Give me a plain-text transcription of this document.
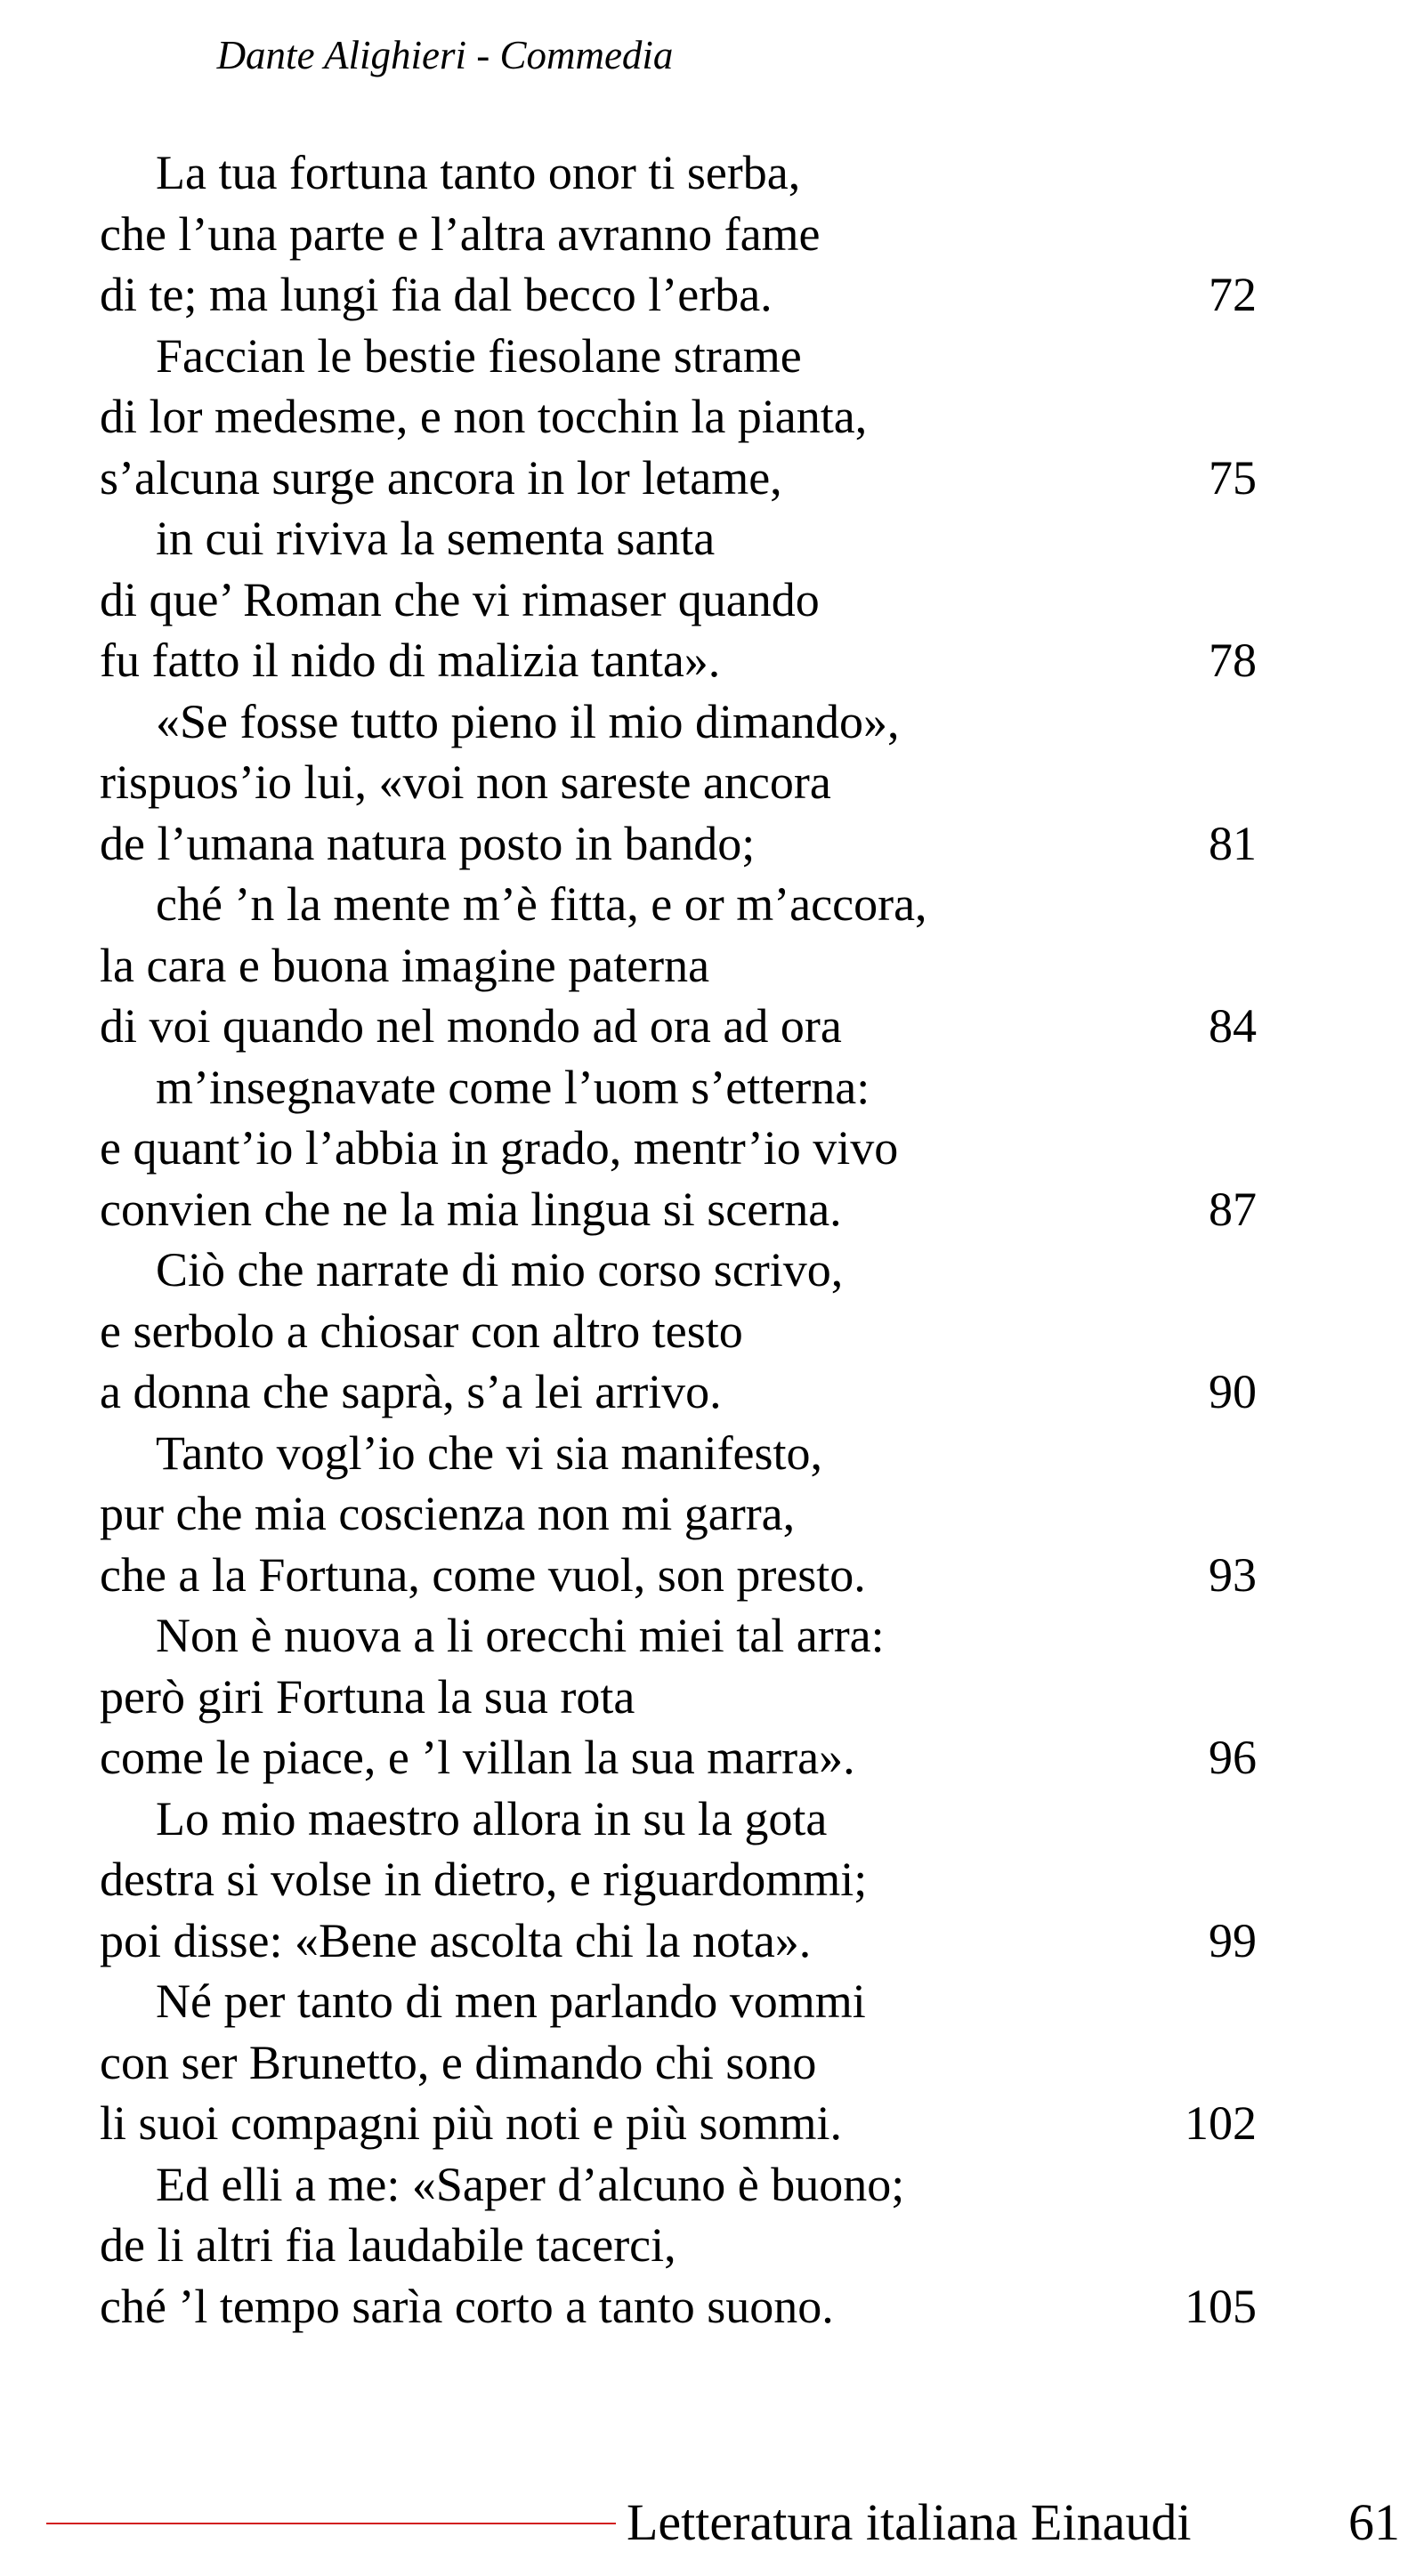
Dante Alighieri - Commedia
La tua fortuna tanto onor ti serba,
che l’una parte e l’altra avranno fame
di te; ma lungi fia dal becco l’erba.	72
Faccian le bestie fiesolane strame
di lor medesme, e non tocchin la pianta,
s’alcuna surge ancora in lor letame,	75
in cui riviva la sementa santa
di que’ Roman che vi rimaser quando
fu fatto il nido di malizia tanta».	78
«Se fosse tutto pieno il mio dimando»,
rispuos’io lui, «voi non sareste ancora
de l’umana natura posto in bando;	81
ché ’n la mente m’è fitta, e or m’accora,
la cara e buona imagine paterna
di voi quando nel mondo ad ora ad ora	84
m’insegnavate come l’uom s’etterna:
e quant’io l’abbia in grado, mentr’io vivo
convien che ne la mia lingua si scerna.	87
Ciò che narrate di mio corso scrivo,
e serbolo a chiosar con altro testo
a donna che saprà, s’a lei arrivo.	90
Tanto vogl’io che vi sia manifesto,
pur che mia coscienza non mi garra,
che a la Fortuna, come vuol, son presto.	93
Non è nuova a li orecchi miei tal arra:
però giri Fortuna la sua rota
come le piace, e ’l villan la sua marra».	96
Lo mio maestro allora in su la gota
destra si volse in dietro, e riguardommi;
poi disse: «Bene ascolta chi la nota».	99
Né per tanto di men parlando vommi
con ser Brunetto, e dimando chi sono
li suoi compagni più noti e più sommi.	102
Ed elli a me: «Saper d’alcuno è buono;
de li altri fia laudabile tacerci,
ché ’l tempo sarìa corto a tanto suono.	105
Letteratura italiana Einaudi	61
